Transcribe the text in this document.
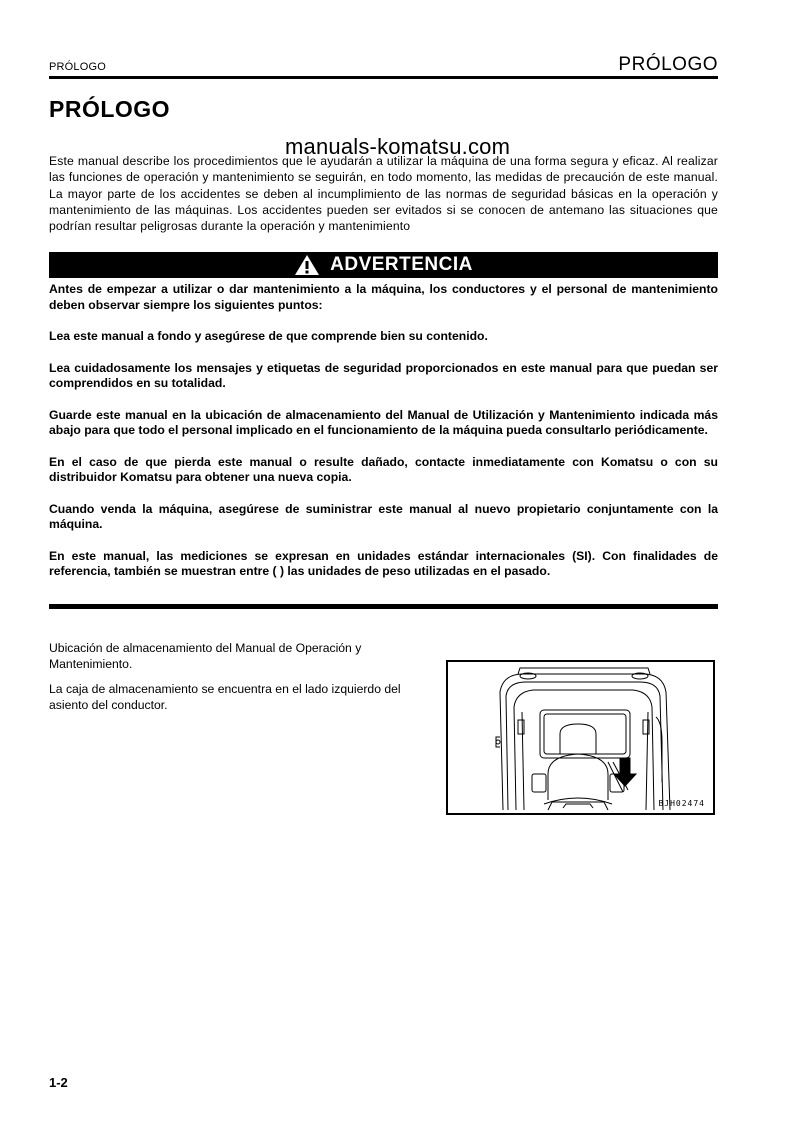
PRÓLOGO	PRÓLOGO
PRÓLOGO
Este manual describe los procedimientos que le ayudarán a utilizar la máquina de una forma segura y eficaz. Al realizar las funciones de operación y mantenimiento se seguirán, en todo momento, las medidas de precaución de este manual. La mayor parte de los accidentes se deben al incumplimiento de las normas de seguridad básicas en la operación y mantenimiento de las máquinas. Los accidentes pueden ser evitados si se conocen de antemano las situaciones que podrían resultar peligrosas durante la operación y mantenimiento
manuals-komatsu.com
ADVERTENCIA

Antes de empezar a utilizar o dar mantenimiento a la máquina, los conductores y el personal de mantenimiento deben observar siempre los siguientes puntos:

Lea este manual a fondo y asegúrese de que comprende bien su contenido.

Lea cuidadosamente los mensajes y etiquetas de seguridad proporcionados en este manual para que puedan ser comprendidos en su totalidad.

Guarde este manual en la ubicación de almacenamiento del Manual de Utilización y Mantenimiento indicada más abajo para que todo el personal implicado en el funcionamiento de la máquina pueda consultarlo periódicamente.

En el caso de que pierda este manual o resulte dañado, contacte inmediatamente con Komatsu o con su distribuidor Komatsu para obtener una nueva copia.

Cuando venda la máquina, asegúrese de suministrar este manual al nuevo propietario conjuntamente con la máquina.

En este manual, las mediciones se expresan en unidades estándar internacionales (SI). Con finalidades de referencia, también se muestran entre ( ) las unidades de peso utilizadas en el pasado.

Ubicación de almacenamiento del Manual de Operación y Mantenimiento.

La caja de almacenamiento se encuentra en el lado izquierdo del asiento del conductor.

BJH02474
1-2
